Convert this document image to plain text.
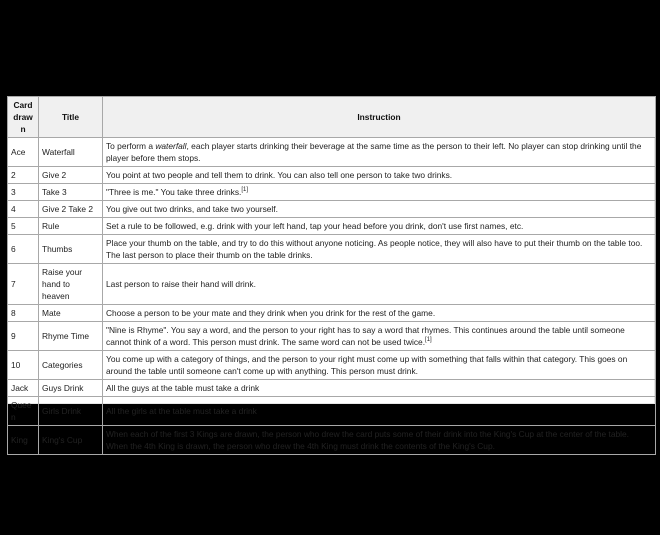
Card drawn	Title	Instruction
Ace	Waterfall	To perform a waterfall, each player starts drinking their beverage at the same time as the person to their left. No player can stop drinking until the player before them stops.
2	Give 2	You point at two people and tell them to drink. You can also tell one person to take two drinks.
3	Take 3	"Three is me." You take three drinks.[1]
4	Give 2 Take 2	You give out two drinks, and take two yourself.
5	Rule	Set a rule to be followed, e.g. drink with your left hand, tap your head before you drink, don't use first names, etc.
6	Thumbs	Place your thumb on the table, and try to do this without anyone noticing. As people notice, they will also have to put their thumb on the table too. The last person to place their thumb on the table drinks.
7	Raise your hand to heaven	Last person to raise their hand will drink.
8	Mate	Choose a person to be your mate and they drink when you drink for the rest of the game.
9	Rhyme Time	"Nine is Rhyme". You say a word, and the person to your right has to say a word that rhymes. This continues around the table until someone cannot think of a word. This person must drink. The same word can not be used twice.[1]
10	Categories	You come up with a category of things, and the person to your right must come up with something that falls within that category. This goes on around the table until someone can't come up with anything. This person must drink.
Jack	Guys Drink	All the guys at the table must take a drink
Queen	Girls Drink	All the girls at the table must take a drink
King	King's Cup	When each of the first 3 Kings are drawn, the person who drew the card puts some of their drink into the King's Cup at the center of the table. When the 4th King is drawn, the person who drew the 4th King must drink the contents of the King's Cup.
